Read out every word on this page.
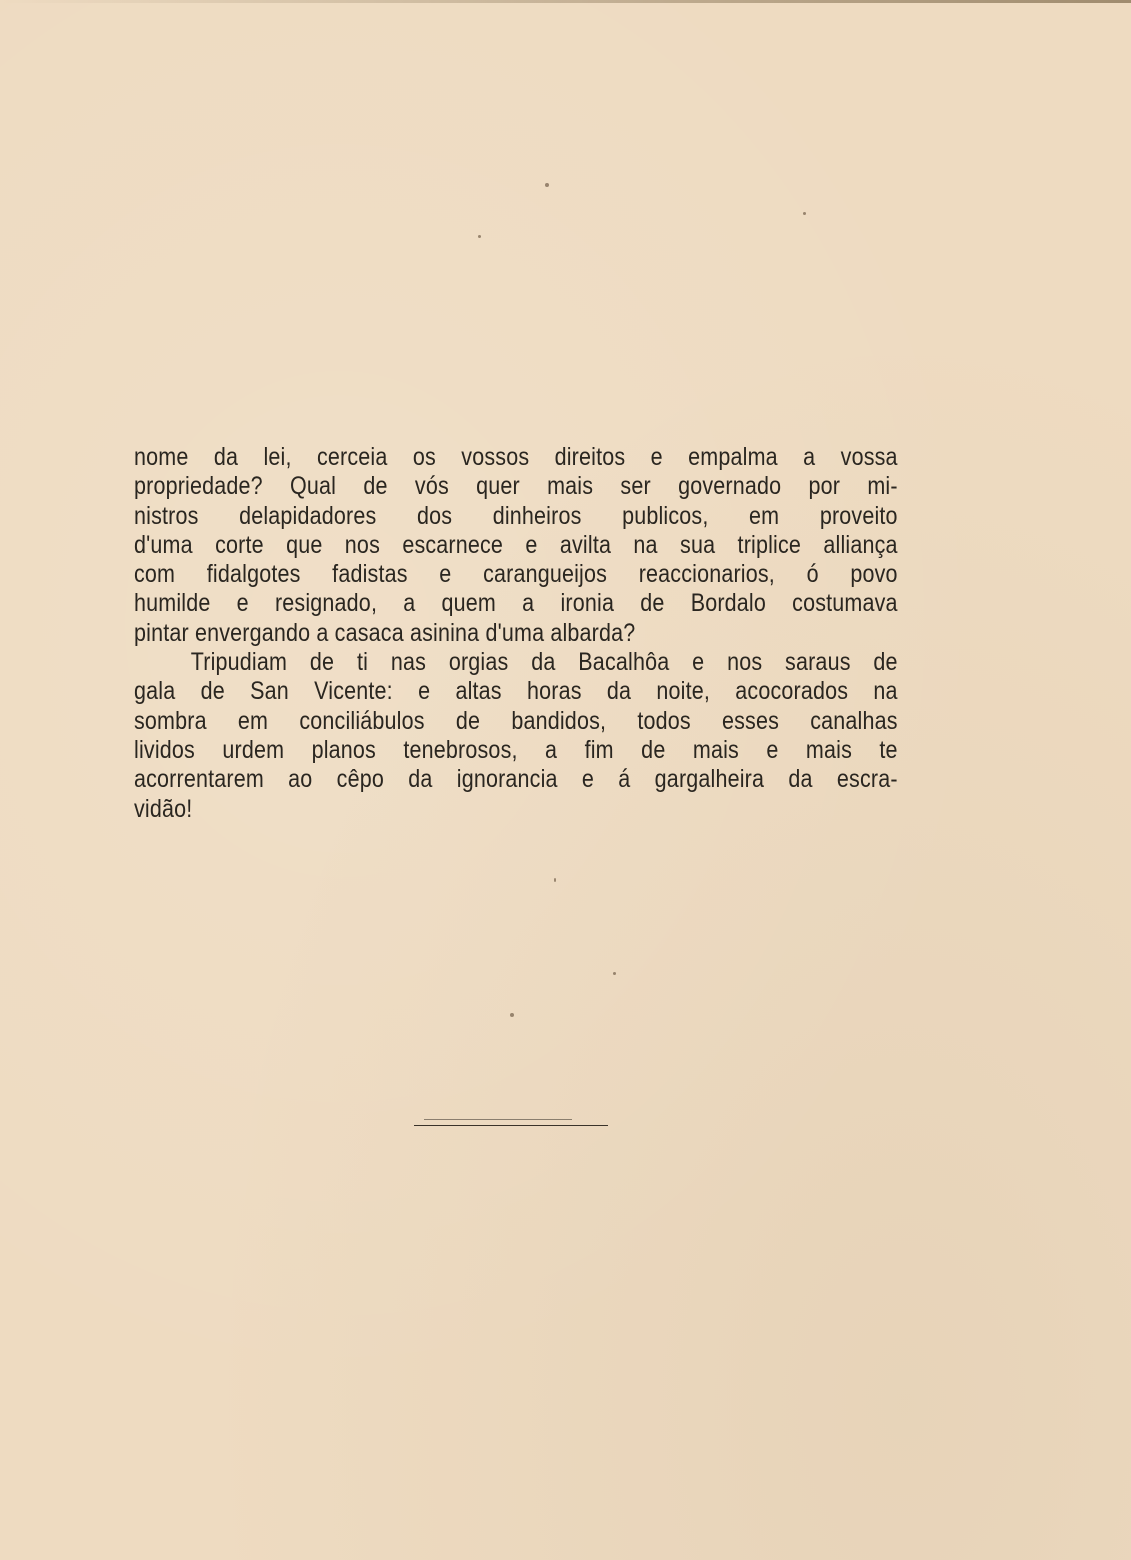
nome da lei, cerceia os vossos direitos e empalma a vossa
propriedade? Qual de vós quer mais ser governado por mi-
nistros delapidadores dos dinheiros publicos, em proveito
d'uma corte que nos escarnece e avilta na sua triplice alliança
com fidalgotes fadistas e carangueijos reaccionarios, ó povo
humilde e resignado, a quem a ironia de Bordalo costumava
pintar envergando a casaca asinina d'uma albarda?
Tripudiam de ti nas orgias da Bacalhôa e nos saraus de
gala de San Vicente: e altas horas da noite, acocorados na
sombra em conciliábulos de bandidos, todos esses canalhas
lividos urdem planos tenebrosos, a fim de mais e mais te
acorrentarem ao cêpo da ignorancia e á gargalheira da escra-
vidão!
